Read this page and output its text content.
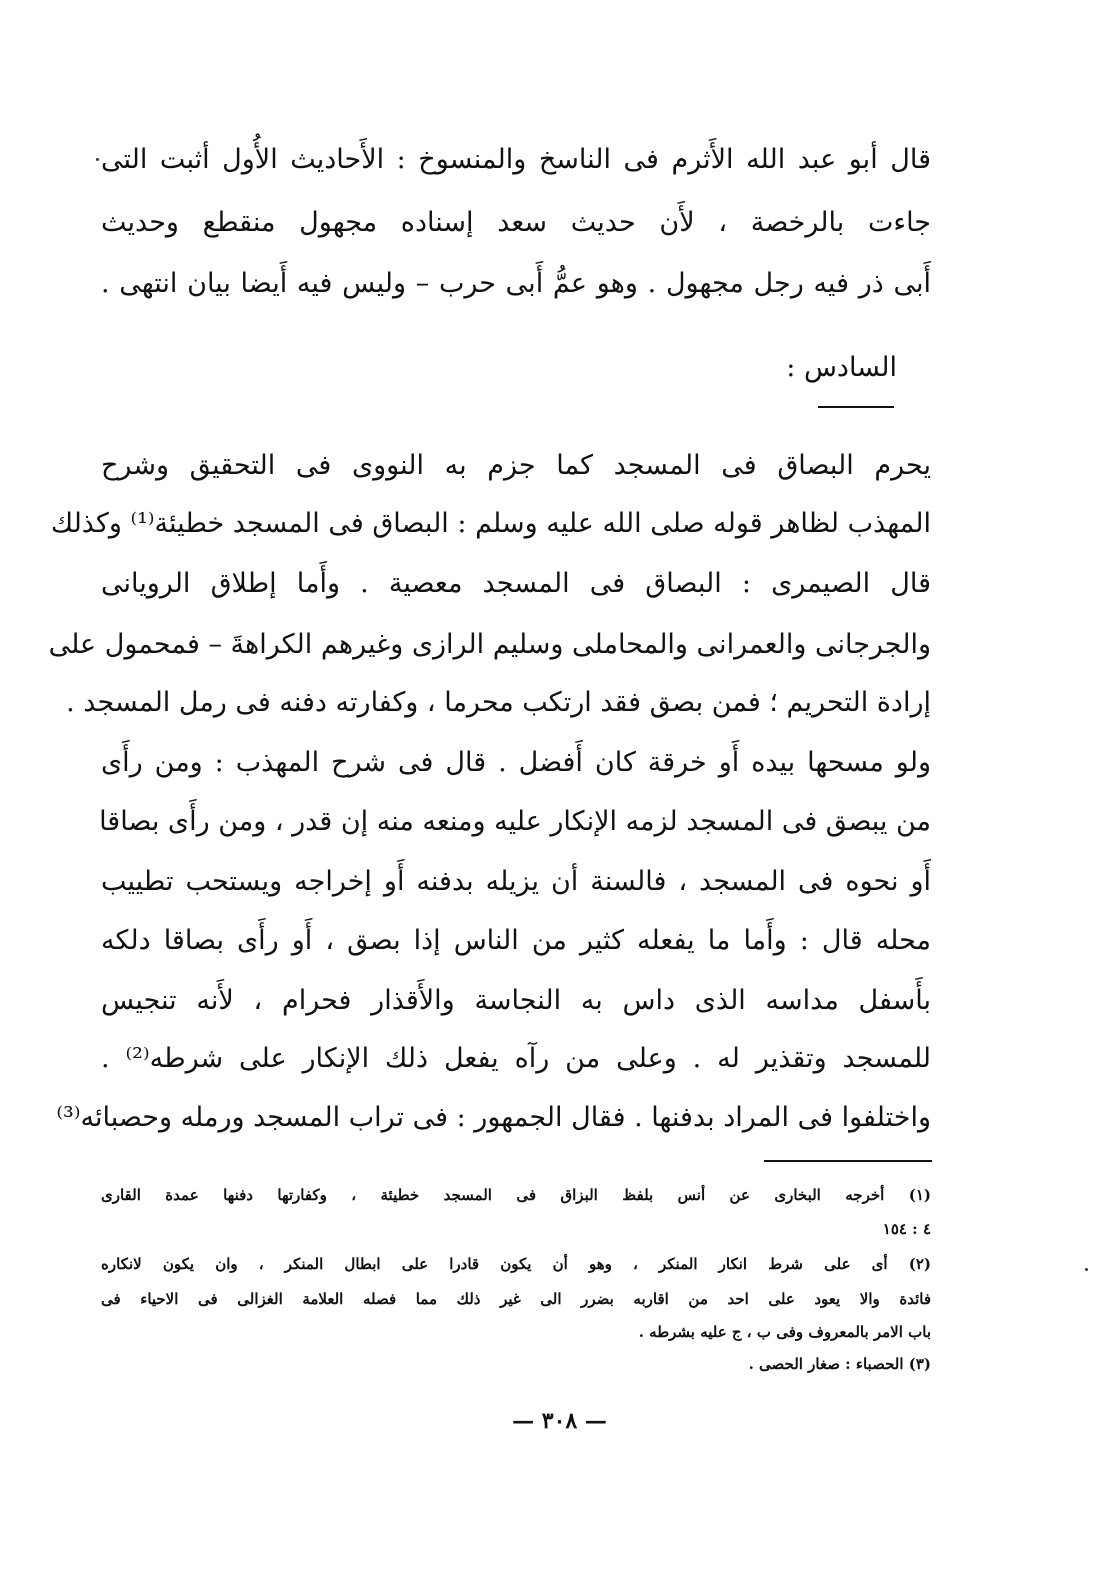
قال أبو عبد الله الأَثرم فى الناسخ والمنسوخ : الأَحاديث الأُول أثبت التى
جاءت بالرخصة ، لأَن حديث سعد إسناده مجهول منقطع وحديث
أَبى ذر فيه رجل مجهول . وهو عمُّ أَبى حرب – وليس فيه أَيضا بيان انتهى .
السادس :
يحرم البصاق فى المسجد كما جزم به النووى فى التحقيق وشرح
المهذب لظاهر قوله صلى الله عليه وسلم : البصاق فى المسجد خطيئة⁽¹⁾ وكذلك
قال الصيمرى : البصاق فى المسجد معصية . وأَما إطلاق الرويانى
والجرجانى والعمرانى والمحاملى وسليم الرازى وغيرهم الكراهةَ – فمحمول على
إرادة التحريم ؛ فمن بصق فقد ارتكب محرما ، وكفارته دفنه فى رمل المسجد .
ولو مسحها بيده أَو خرقة كان أَفضل . قال فى شرح المهذب : ومن رأَى
من يبصق فى المسجد لزمه الإنكار عليه ومنعه منه إن قدر ، ومن رأَى بصاقا
أَو نحوه فى المسجد ، فالسنة أن يزيله بدفنه أَو إخراجه ويستحب تطييب
محله قال : وأَما ما يفعله كثير من الناس إذا بصق ، أَو رأَى بصاقا دلكه
بأَسفل مداسه الذى داس به النجاسة والأَقذار فحرام ، لأَنه تنجيس
للمسجد وتقذير له . وعلى من رآه يفعل ذلك الإنكار على شرطه⁽²⁾ .
واختلفوا فى المراد بدفنها . فقال الجمهور : فى تراب المسجد ورمله وحصبائه⁽³⁾
(١) أخرجه البخارى عن أنس بلفظ البزاق فى المسجد خطيئة ، وكفارتها دفنها عمدة القارى
٤ : ١٥٤
(٢) أى على شرط انكار المنكر ، وهو أن يكون قادرا على ابطال المنكر ، وان يكون لانكاره
فائدة والا يعود على احد من اقاربه بضرر الى غير ذلك مما فصله العلامة الغزالى فى الاحياء فى
باب الامر بالمعروف وفى ب ، ج عليه بشرطه .
(٣) الحصباء : صغار الحصى .
— ٣٠٨ —
